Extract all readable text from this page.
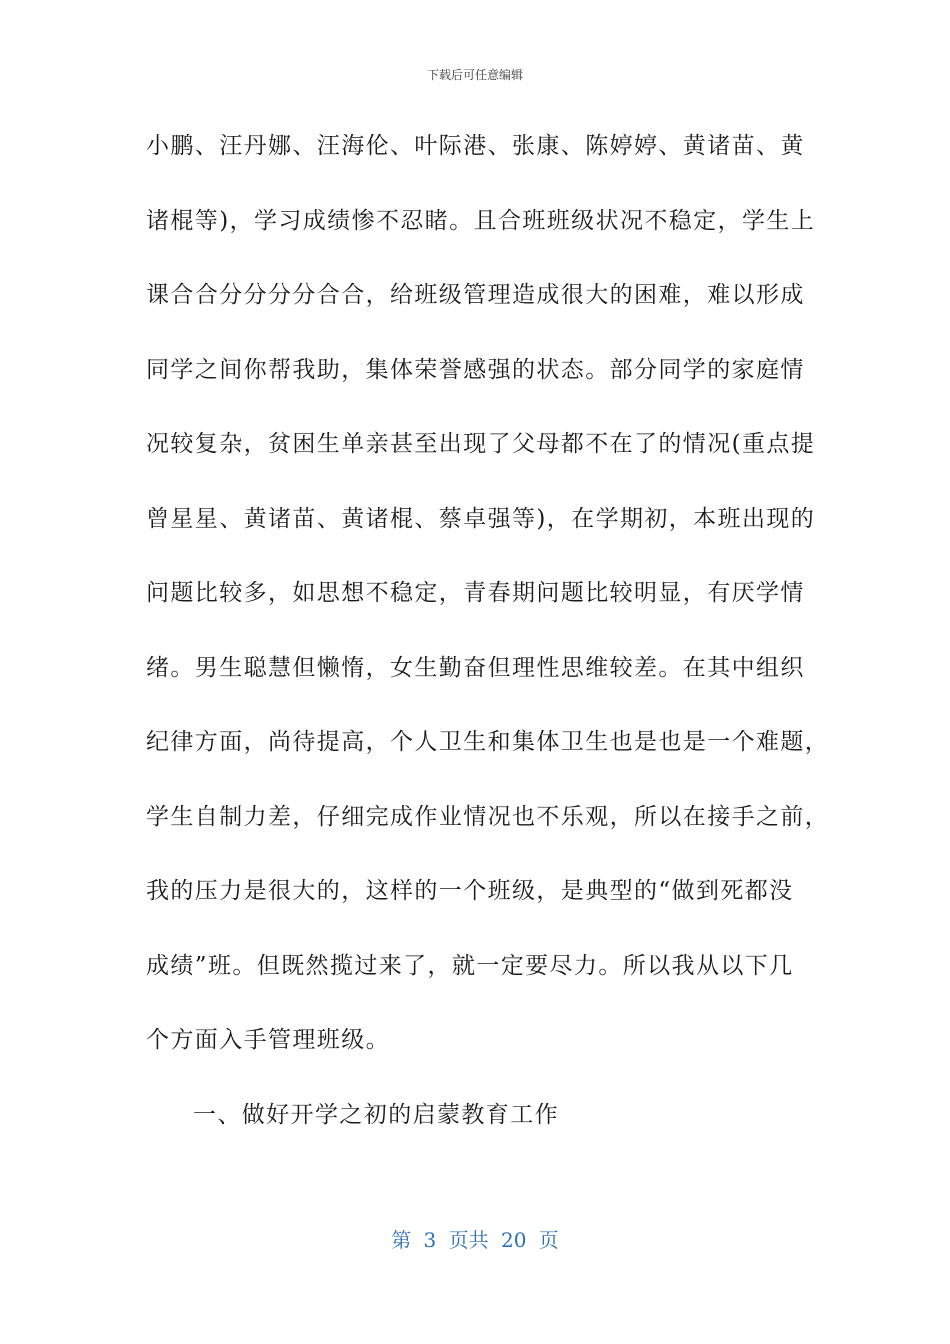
下载后可任意编辑
小鹏、汪丹娜、汪海伦、叶际港、张康、陈婷婷、黄诸苗、黄
诸棍等)，学习成绩惨不忍睹。且合班班级状况不稳定，学生上
课合合分分分分合合，给班级管理造成很大的困难，难以形成
同学之间你帮我助，集体荣誉感强的状态。部分同学的家庭情
况较复杂，贫困生单亲甚至出现了父母都不在了的情况(重点提
曾星星、黄诸苗、黄诸棍、蔡卓强等)，在学期初，本班出现的
问题比较多，如思想不稳定，青春期问题比较明显，有厌学情
绪。男生聪慧但懒惰，女生勤奋但理性思维较差。在其中组织
纪律方面，尚待提高，个人卫生和集体卫生也是也是一个难题，
学生自制力差，仔细完成作业情况也不乐观，所以在接手之前，
我的压力是很大的，这样的一个班级，是典型的“做到死都没
成绩”班。但既然揽过来了，就一定要尽力。所以我从以下几
个方面入手管理班级。
一、做好开学之初的启蒙教育工作
第 3 页共 20 页
